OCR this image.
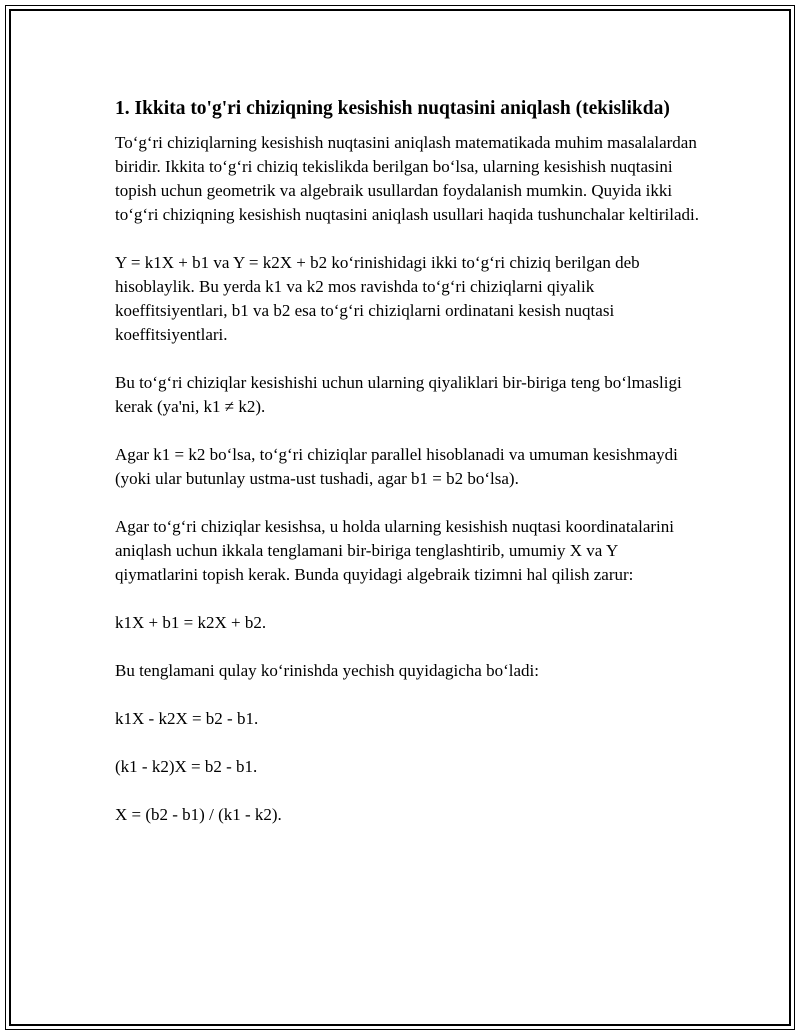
1. Ikkita to'g'ri chiziqning kesishish nuqtasini aniqlash (tekislikda)

To‘g‘ri chiziqlarning kesishish nuqtasini aniqlash matematikada muhim masalalardan biridir. Ikkita to‘g‘ri chiziq tekislikda berilgan bo‘lsa, ularning kesishish nuqtasini topish uchun geometrik va algebraik usullardan foydalanish mumkin. Quyida ikki to‘g‘ri chiziqning kesishish nuqtasini aniqlash usullari haqida tushunchalar keltiriladi.

Y = k1X + b1 va Y = k2X + b2 ko‘rinishidagi ikki to‘g‘ri chiziq berilgan deb hisoblaylik. Bu yerda k1 va k2 mos ravishda to‘g‘ri chiziqlarni qiyalik koeffitsiyentlari, b1 va b2 esa to‘g‘ri chiziqlarni ordinatani kesish nuqtasi koeffitsiyentlari.

Bu to‘g‘ri chiziqlar kesishishi uchun ularning qiyaliklari bir-biriga teng bo‘lmasligi kerak (ya'ni, k1 ≠ k2).

Agar k1 = k2 bo‘lsa, to‘g‘ri chiziqlar parallel hisoblanadi va umuman kesishmaydi (yoki ular butunlay ustma-ust tushadi, agar b1 = b2 bo‘lsa).

Agar to‘g‘ri chiziqlar kesishsa, u holda ularning kesishish nuqtasi koordinatalarini aniqlash uchun ikkala tenglamani bir-biriga tenglashtirib, umumiy X va Y qiymatlarini topish kerak. Bunda quyidagi algebraik tizimni hal qilish zarur:

k1X + b1 = k2X + b2.

Bu tenglamani qulay ko‘rinishda yechish quyidagicha bo‘ladi:

k1X - k2X = b2 - b1.

(k1 - k2)X = b2 - b1.

X = (b2 - b1) / (k1 - k2).
